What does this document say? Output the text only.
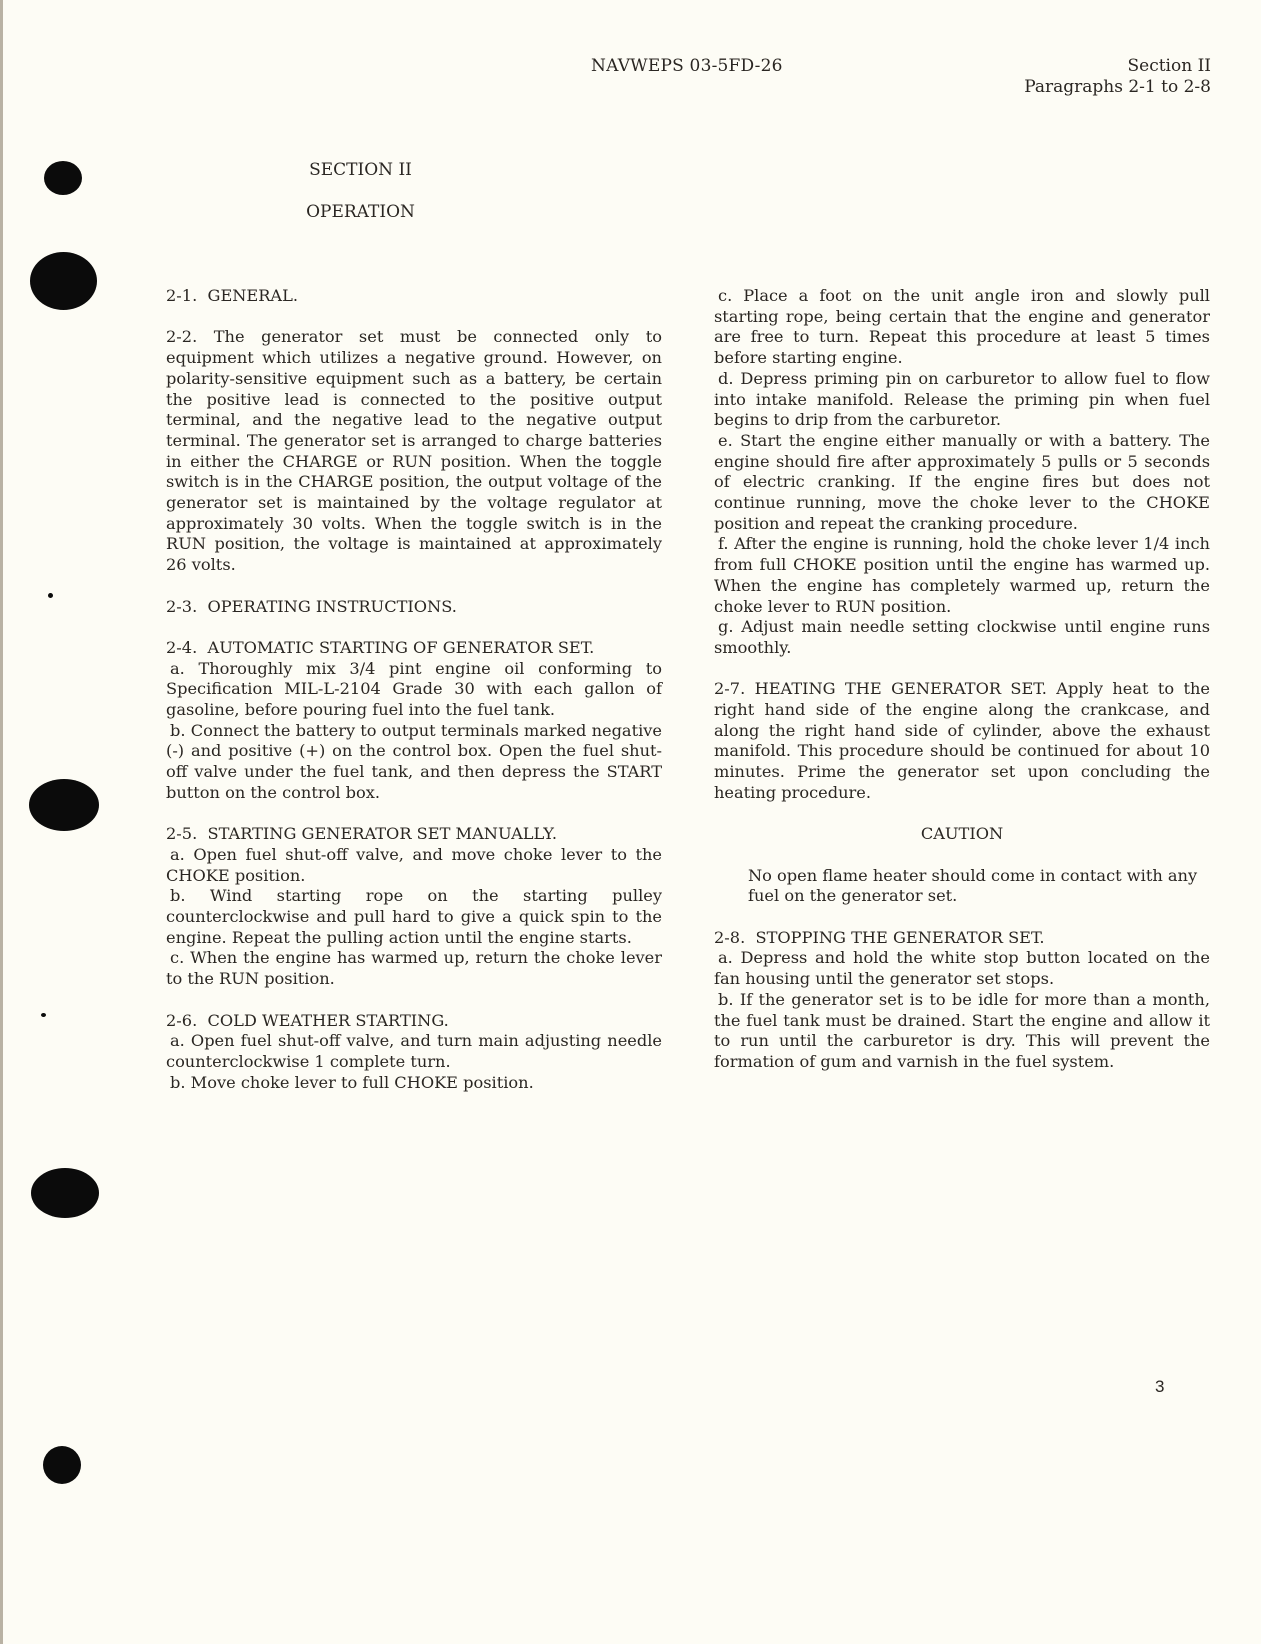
NAVWEPS 03-5FD-26	Section II
Paragraphs 2-1 to 2-8
SECTION II
OPERATION

2-1. GENERAL.

2-2. The generator set must be connected only to equipment which utilizes a negative ground. However, on polarity-sensitive equipment such as a battery, be certain the positive lead is connected to the positive output terminal, and the negative lead to the negative output terminal. The generator set is arranged to charge batteries in either the CHARGE or RUN position. When the toggle switch is in the CHARGE position, the output voltage of the generator set is maintained by the voltage regulator at approximately 30 volts. When the toggle switch is in the RUN position, the voltage is maintained at approximately 26 volts.

2-3. OPERATING INSTRUCTIONS.

2-4. AUTOMATIC STARTING OF GENERATOR SET.

a. Thoroughly mix 3/4 pint engine oil conforming to Specification MIL-L-2104 Grade 30 with each gallon of gasoline, before pouring fuel into the fuel tank.

b. Connect the battery to output terminals marked negative (-) and positive (+) on the control box. Open the fuel shut-off valve under the fuel tank, and then depress the START button on the control box.

2-5. STARTING GENERATOR SET MANUALLY.

a. Open fuel shut-off valve, and move choke lever to the CHOKE position.

b. Wind starting rope on the starting pulley counterclockwise and pull hard to give a quick spin to the engine. Repeat the pulling action until the engine starts.

c. When the engine has warmed up, return the choke lever to the RUN position.

2-6. COLD WEATHER STARTING.

a. Open fuel shut-off valve, and turn main adjusting needle counterclockwise 1 complete turn.

b. Move choke lever to full CHOKE position.

c. Place a foot on the unit angle iron and slowly pull starting rope, being certain that the engine and generator are free to turn. Repeat this procedure at least 5 times before starting engine.

d. Depress priming pin on carburetor to allow fuel to flow into intake manifold. Release the priming pin when fuel begins to drip from the carburetor.

e. Start the engine either manually or with a battery. The engine should fire after approximately 5 pulls or 5 seconds of electric cranking. If the engine fires but does not continue running, move the choke lever to the CHOKE position and repeat the cranking procedure.

f. After the engine is running, hold the choke lever 1/4 inch from full CHOKE position until the engine has warmed up. When the engine has completely warmed up, return the choke lever to RUN position.

g. Adjust main needle setting clockwise until engine runs smoothly.

2-7. HEATING THE GENERATOR SET. Apply heat to the right hand side of the engine along the crankcase, and along the right hand side of cylinder, above the exhaust manifold. This procedure should be continued for about 10 minutes. Prime the generator set upon concluding the heating procedure.

CAUTION

No open flame heater should come in contact with any fuel on the generator set.

2-8. STOPPING THE GENERATOR SET.

a. Depress and hold the white stop button located on the fan housing until the generator set stops.

b. If the generator set is to be idle for more than a month, the fuel tank must be drained. Start the engine and allow it to run until the carburetor is dry. This will prevent the formation of gum and varnish in the fuel system.

3
